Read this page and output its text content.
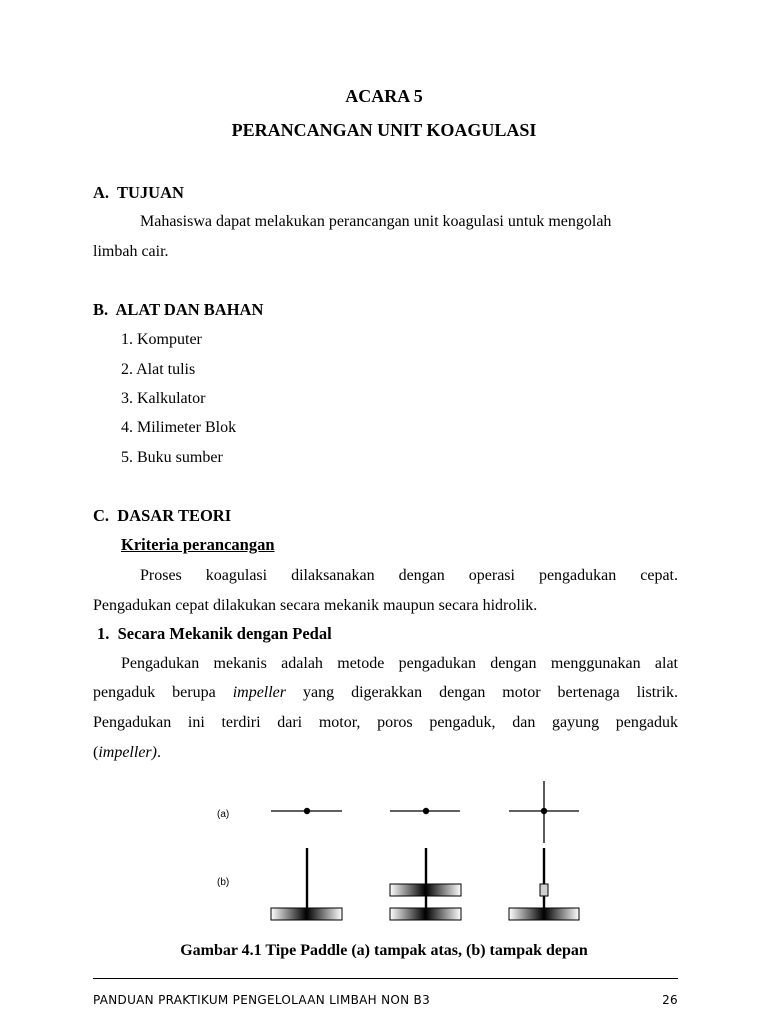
ACARA 5
PERANCANGAN UNIT KOAGULASI
A.  TUJUAN
Mahasiswa dapat melakukan perancangan unit koagulasi untuk mengolah
limbah cair.
B.  ALAT DAN BAHAN
1. Komputer
2. Alat tulis
3. Kalkulator
4. Milimeter Blok
5. Buku sumber
C.  DASAR TEORI
Kriteria perancangan
Proses koagulasi dilaksanakan dengan operasi pengadukan cepat.
Pengadukan cepat dilakukan secara mekanik maupun secara hidrolik.
1.  Secara Mekanik dengan Pedal
Pengadukan mekanis adalah metode pengadukan dengan menggunakan alat
pengaduk berupa impeller yang digerakkan dengan motor bertenaga listrik.
Pengadukan ini terdiri dari motor, poros pengaduk, dan gayung pengaduk
(impeller).
(a)
(b)
Gambar 4.1 Tipe Paddle (a) tampak atas, (b) tampak depan
PANDUAN PRAKTIKUM PENGELOLAAN LIMBAH NON B3	26
